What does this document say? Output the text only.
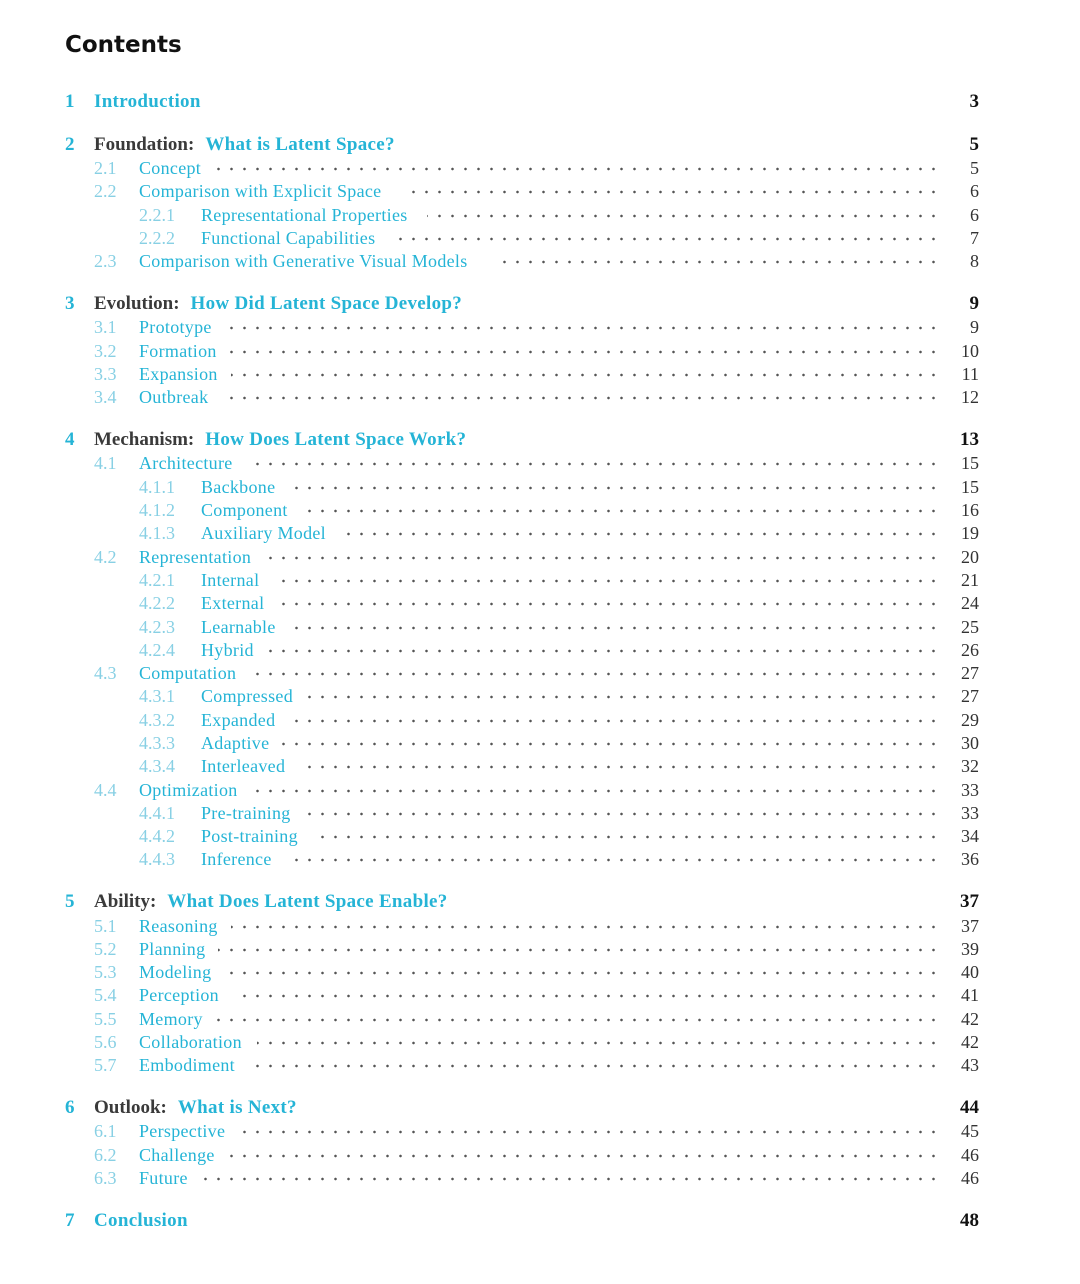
Contents
1 Introduction	3
2 Foundation: What is Latent Space?	5
2.1 Concept	5
2.2 Comparison with Explicit Space	6
2.2.1 Representational Properties	6
2.2.2 Functional Capabilities	7
2.3 Comparison with Generative Visual Models	8
3 Evolution: How Did Latent Space Develop?	9
3.1 Prototype	9
3.2 Formation	10
3.3 Expansion	11
3.4 Outbreak	12
4 Mechanism: How Does Latent Space Work?	13
4.1 Architecture	15
4.1.1 Backbone	15
4.1.2 Component	16
4.1.3 Auxiliary Model	19
4.2 Representation	20
4.2.1 Internal	21
4.2.2 External	24
4.2.3 Learnable	25
4.2.4 Hybrid	26
4.3 Computation	27
4.3.1 Compressed	27
4.3.2 Expanded	29
4.3.3 Adaptive	30
4.3.4 Interleaved	32
4.4 Optimization	33
4.4.1 Pre-training	33
4.4.2 Post-training	34
4.4.3 Inference	36
5 Ability: What Does Latent Space Enable?	37
5.1 Reasoning	37
5.2 Planning	39
5.3 Modeling	40
5.4 Perception	41
5.5 Memory	42
5.6 Collaboration	42
5.7 Embodiment	43
6 Outlook: What is Next?	44
6.1 Perspective	45
6.2 Challenge	46
6.3 Future	46
7 Conclusion	48
